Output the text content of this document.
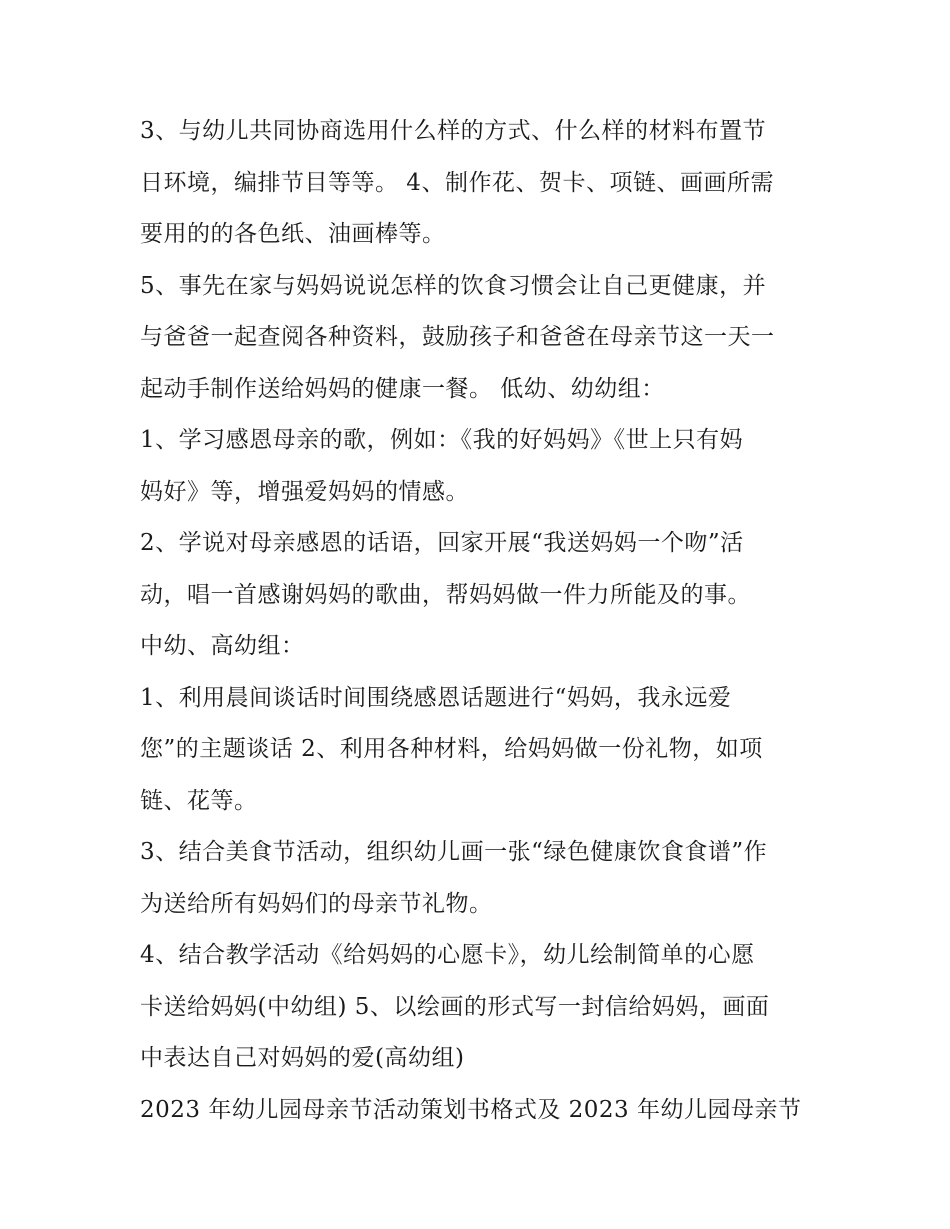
3、与幼儿共同协商选用什么样的方式、什么样的材料布置节
日环境，编排节目等等。 4、制作花、贺卡、项链、画画所需
要用的的各色纸、油画棒等。
5、事先在家与妈妈说说怎样的饮食习惯会让自己更健康，并
与爸爸一起查阅各种资料，鼓励孩子和爸爸在母亲节这一天一
起动手制作送给妈妈的健康一餐。 低幼、幼幼组：
1、学习感恩母亲的歌，例如：《我的好妈妈》《世上只有妈
妈好》等，增强爱妈妈的情感。
2、学说对母亲感恩的话语，回家开展“我送妈妈一个吻”活
动，唱一首感谢妈妈的歌曲，帮妈妈做一件力所能及的事。
中幼、高幼组：
1、利用晨间谈话时间围绕感恩话题进行“妈妈，我永远爱
您”的主题谈话 2、利用各种材料，给妈妈做一份礼物，如项
链、花等。
3、结合美食节活动，组织幼儿画一张“绿色健康饮食食谱”作
为送给所有妈妈们的母亲节礼物。
4、结合教学活动《给妈妈的心愿卡》，幼儿绘制简单的心愿
卡送给妈妈(中幼组) 5、以绘画的形式写一封信给妈妈，画面
中表达自己对妈妈的爱(高幼组)
2023 年幼儿园母亲节活动策划书格式及 2023 年幼儿园母亲节
